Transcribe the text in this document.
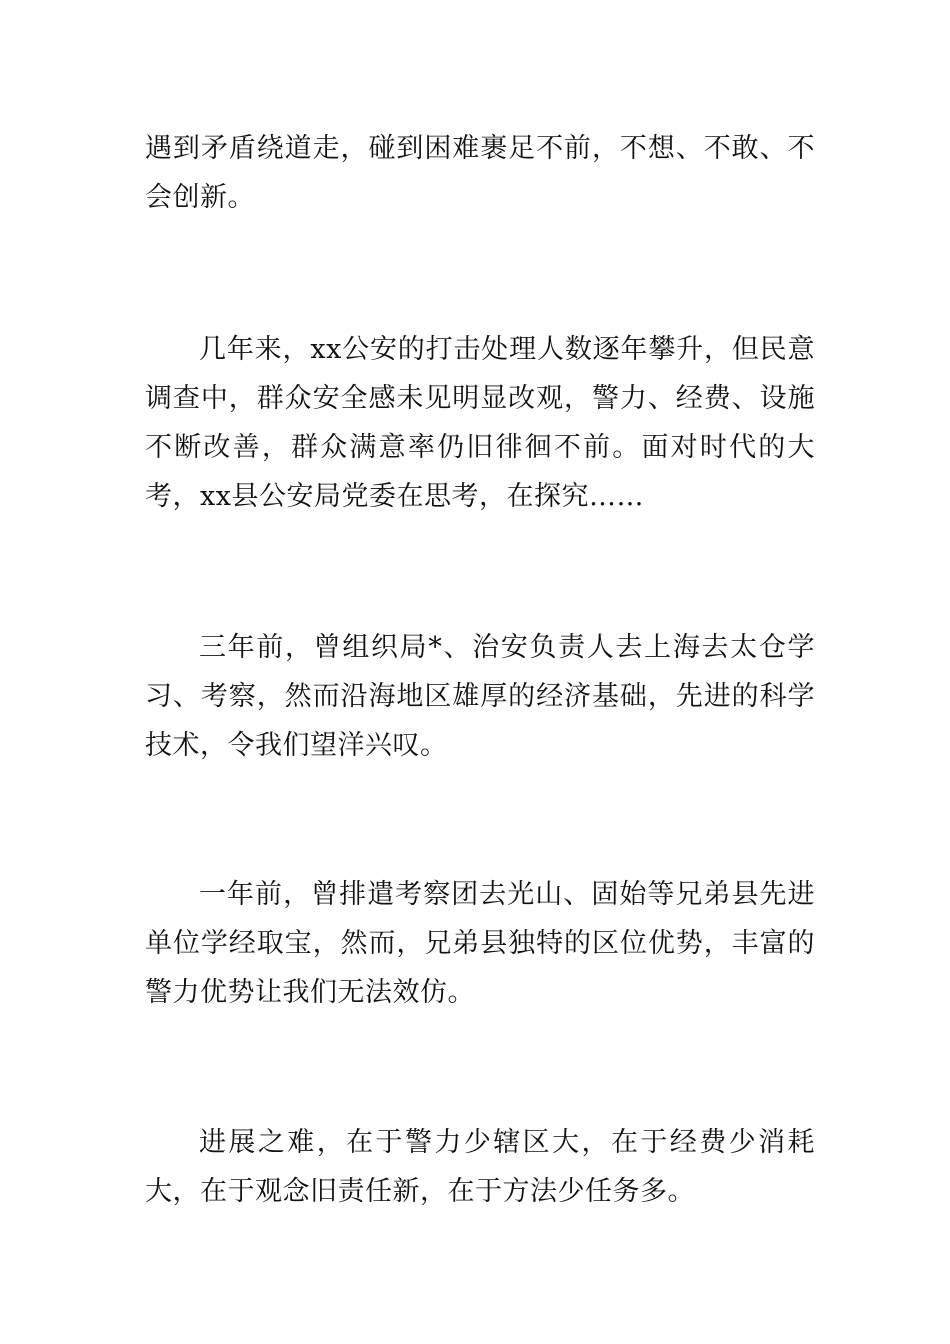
遇到矛盾绕道走，碰到困难裹足不前，不想、不敢、不会创新。

几年来，xx公安的打击处理人数逐年攀升，但民意调查中，群众安全感未见明显改观，警力、经费、设施不断改善，群众满意率仍旧徘徊不前。面对时代的大考，xx县公安局党委在思考，在探究……

三年前，曾组织局*、治安负责人去上海去太仓学习、考察，然而沿海地区雄厚的经济基础，先进的科学技术，令我们望洋兴叹。

一年前，曾排遣考察团去光山、固始等兄弟县先进单位学经取宝，然而，兄弟县独特的区位优势，丰富的警力优势让我们无法效仿。

进展之难，在于警力少辖区大，在于经费少消耗大，在于观念旧责任新，在于方法少任务多。
